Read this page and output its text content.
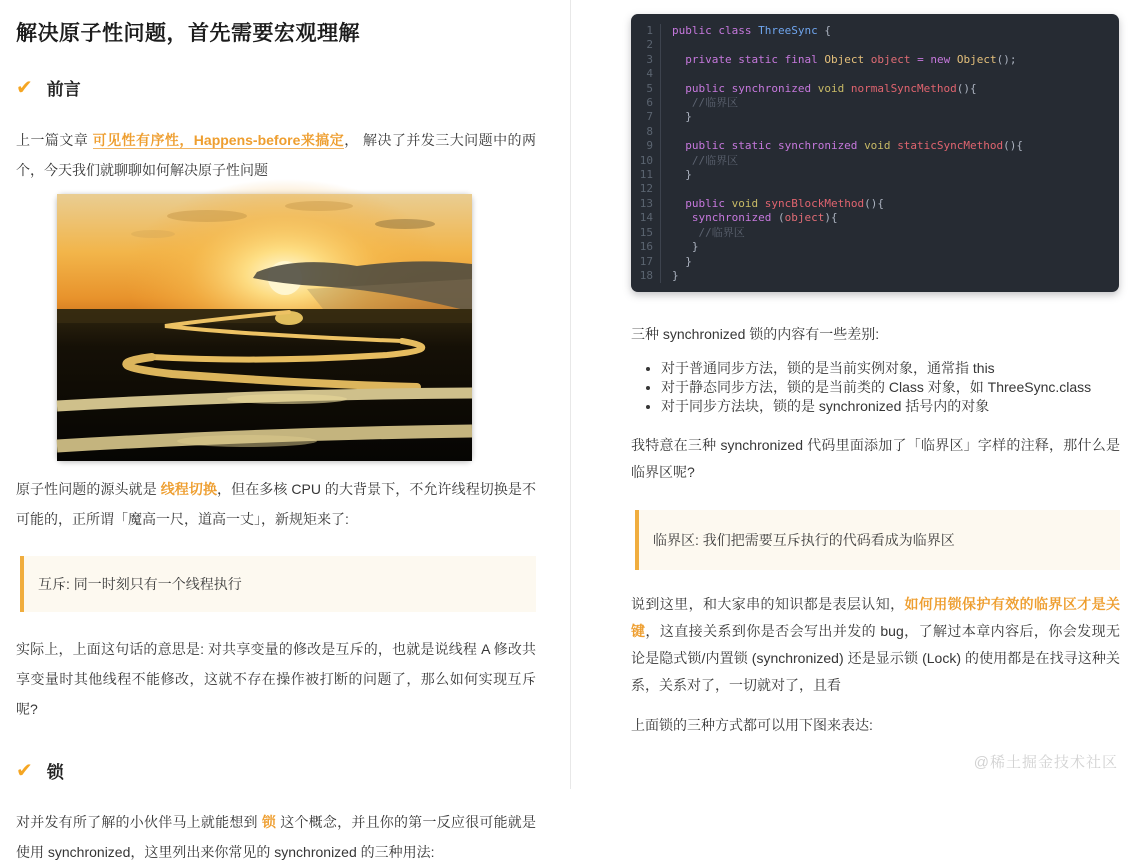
解决原子性问题，首先需要宏观理解
✔ 前言

上一篇文章 可见性有序性，Happens-before来搞定， 解决了并发三大问题中的两个，今天我们就聊聊如何解决原子性问题

原子性问题的源头就是 线程切换，但在多核 CPU 的大背景下，不允许线程切换是不可能的，正所谓「魔高一尺，道高一丈」，新规矩来了:

互斥: 同一时刻只有一个线程执行

实际上，上面这句话的意思是: 对共享变量的修改是互斥的，也就是说线程 A 修改共享变量时其他线程不能修改，这就不存在操作被打断的问题了，那么如何实现互斥呢?

✔ 锁

对并发有所了解的小伙伴马上就能想到 锁 这个概念，并且你的第一反应很可能就是使用 synchronized，这里列出来你常见的 synchronized 的三种用法:

1	public class ThreeSync {
2

3	private static final Object object = new Object();
4

5	public synchronized void normalSyncMethod(){
6	//临界区
7	}
8

9	public static synchronized void staticSyncMethod(){
10	//临界区
11	}
12

13	public void syncBlockMethod(){
14	synchronized (object){
15	//临界区
16	}
17	}
18	}

三种 synchronized 锁的内容有一些差别:

• 对于普通同步方法，锁的是当前实例对象，通常指 this
• 对于静态同步方法，锁的是当前类的 Class 对象，如 ThreeSync.class
• 对于同步方法块，锁的是 synchronized 括号内的对象

我特意在三种 synchronized 代码里面添加了「临界区」字样的注释，那什么是临界区呢?

临界区: 我们把需要互斥执行的代码看成为临界区

说到这里，和大家串的知识都是表层认知，如何用锁保护有效的临界区才是关键，这直接关系到你是否会写出并发的 bug，了解过本章内容后，你会发现无论是隐式锁/内置锁 (synchronized) 还是显示锁 (Lock) 的使用都是在找寻这种关系，关系对了，一切就对了，且看

上面锁的三种方式都可以用下图来表达:

@稀土掘金技术社区
